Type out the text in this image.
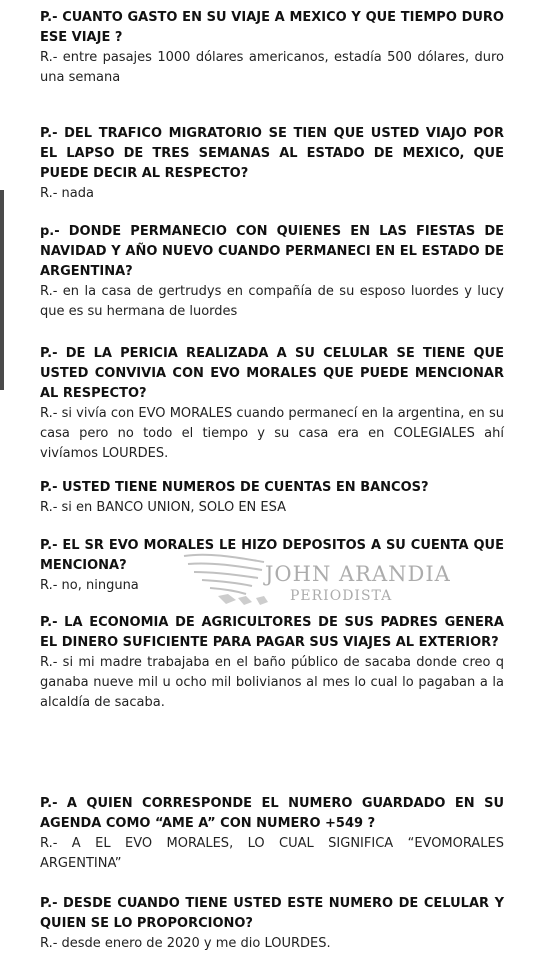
P.- CUANTO GASTO EN SU VIAJE A MEXICO Y QUE TIEMPO DURO ESE VIAJE ?

R.- entre pasajes 1000 dólares americanos, estadía 500 dólares, duro una semana

P.- DEL TRAFICO MIGRATORIO SE TIEN QUE USTED VIAJO POR EL LAPSO DE TRES SEMANAS AL ESTADO DE MEXICO, QUE PUEDE DECIR AL RESPECTO?

R.- nada

p.- DONDE PERMANECIO CON QUIENES EN LAS FIESTAS DE NAVIDAD Y AÑO NUEVO CUANDO PERMANECI EN EL ESTADO DE ARGENTINA?

R.- en la casa de gertrudys en compañía de su esposo luordes y lucy que es su hermana de luordes

P.- DE LA PERICIA REALIZADA A SU CELULAR SE TIENE QUE USTED CONVIVIA CON EVO MORALES QUE PUEDE MENCIONAR AL RESPECTO?

R.- si vivía con EVO MORALES cuando permanecí en la argentina, en su casa pero no todo el tiempo y su casa era en COLEGIALES ahí vivíamos LOURDES.

P.- USTED TIENE NUMEROS DE CUENTAS EN BANCOS?

R.- si en BANCO UNION, SOLO EN ESA

P.- EL SR EVO MORALES LE HIZO DEPOSITOS A SU CUENTA QUE MENCIONA?

R.- no, ninguna

P.- LA ECONOMIA DE AGRICULTORES DE SUS PADRES GENERA EL DINERO SUFICIENTE PARA PAGAR SUS VIAJES AL EXTERIOR?

R.- si mi madre trabajaba en el baño público de sacaba donde creo q ganaba nueve mil u ocho mil bolivianos al mes lo cual lo pagaban a la alcaldía de sacaba.

P.- A QUIEN CORRESPONDE EL NUMERO GUARDADO EN SU AGENDA COMO “AME A” CON NUMERO +549 ?

R.- A EL EVO MORALES, LO CUAL SIGNIFICA “EVOMORALES ARGENTINA”

P.- DESDE CUANDO TIENE USTED ESTE NUMERO DE CELULAR Y QUIEN SE LO PROPORCIONO?

R.- desde enero de 2020 y me dio LOURDES.

JOHN ARANDIA
PERIODISTA
